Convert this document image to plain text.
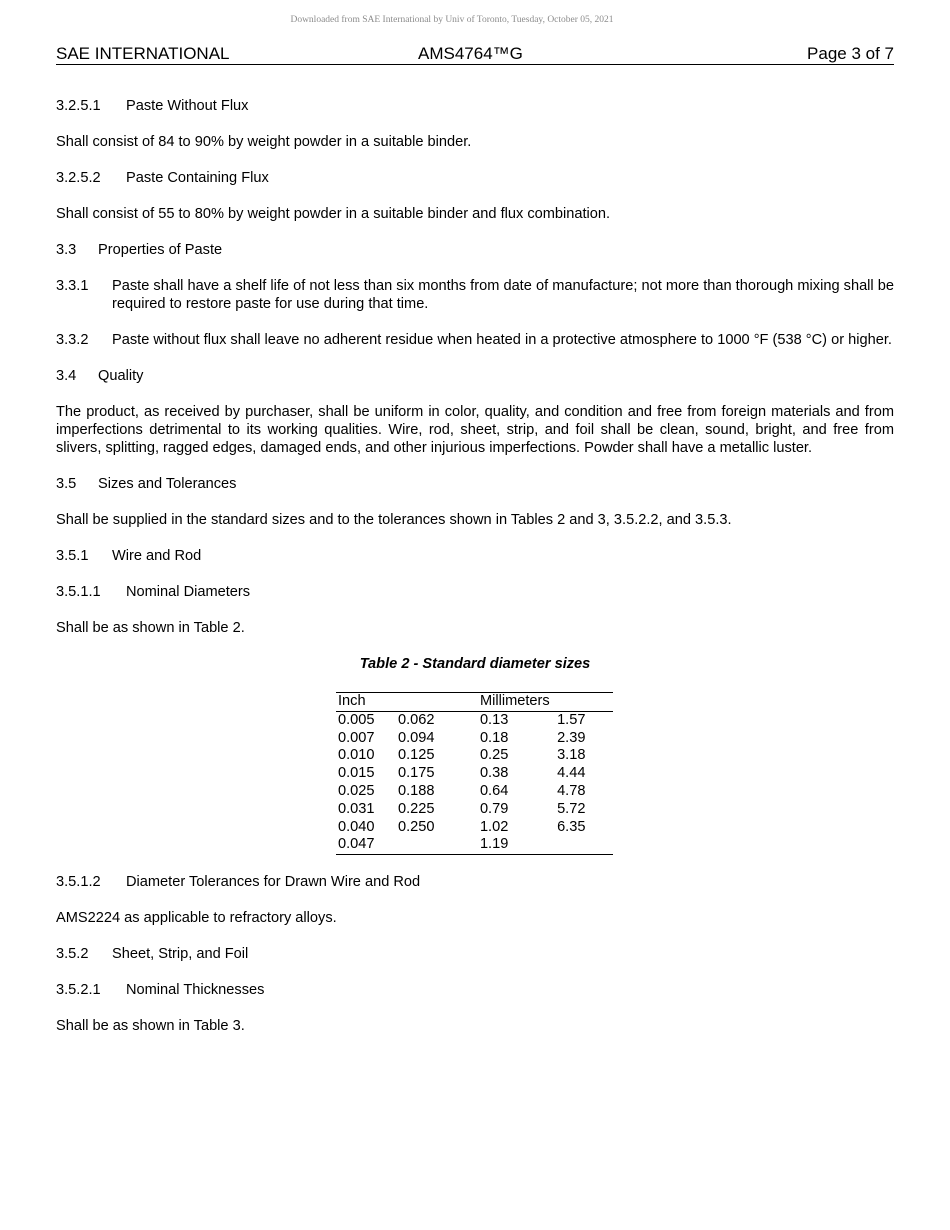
Downloaded from SAE International by Univ of Toronto, Tuesday, October 05, 2021
SAE INTERNATIONAL	AMS4764™G	Page 3 of 7
3.2.5.1 Paste Without Flux
Shall consist of 84 to 90% by weight powder in a suitable binder.
3.2.5.2 Paste Containing Flux
Shall consist of 55 to 80% by weight powder in a suitable binder and flux combination.
3.3 Properties of Paste
3.3.1 Paste shall have a shelf life of not less than six months from date of manufacture; not more than thorough mixing shall be required to restore paste for use during that time.
3.3.2 Paste without flux shall leave no adherent residue when heated in a protective atmosphere to 1000 °F (538 °C) or higher.
3.4 Quality
The product, as received by purchaser, shall be uniform in color, quality, and condition and free from foreign materials and from imperfections detrimental to its working qualities. Wire, rod, sheet, strip, and foil shall be clean, sound, bright, and free from slivers, splitting, ragged edges, damaged ends, and other injurious imperfections. Powder shall have a metallic luster.
3.5 Sizes and Tolerances
Shall be supplied in the standard sizes and to the tolerances shown in Tables 2 and 3, 3.5.2.2, and 3.5.3.
3.5.1 Wire and Rod
3.5.1.1 Nominal Diameters
Shall be as shown in Table 2.
Table 2 - Standard diameter sizes
Inch		Millimeters	
0.005	0.062	0.13	1.57
0.007	0.094	0.18	2.39
0.010	0.125	0.25	3.18
0.015	0.175	0.38	4.44
0.025	0.188	0.64	4.78
0.031	0.225	0.79	5.72
0.040	0.250	1.02	6.35
0.047		1.19	
3.5.1.2 Diameter Tolerances for Drawn Wire and Rod
AMS2224 as applicable to refractory alloys.
3.5.2 Sheet, Strip, and Foil
3.5.2.1 Nominal Thicknesses
Shall be as shown in Table 3.
